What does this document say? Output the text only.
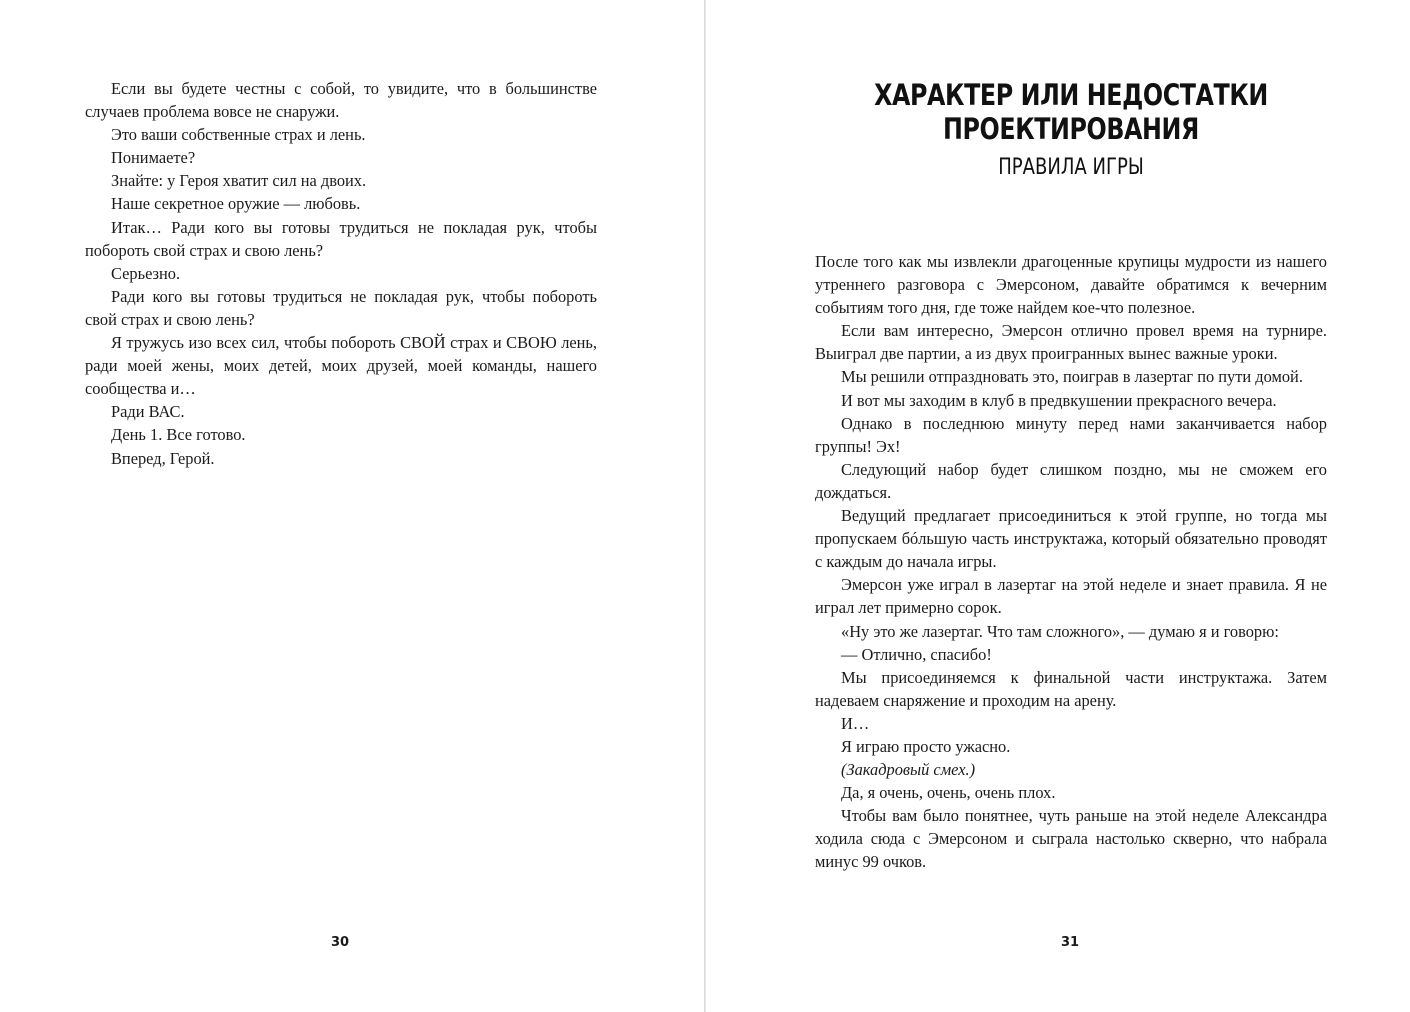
Если вы будете честны с собой, то увидите, что в большинстве случаев проблема вовсе не снаружи.

Это ваши собственные страх и лень.

Понимаете?

Знайте: у Героя хватит сил на двоих.

Наше секретное оружие — любовь.

Итак… Ради кого вы готовы трудиться не покладая рук, чтобы побороть свой страх и свою лень?

Серьезно.

Ради кого вы готовы трудиться не покладая рук, чтобы побороть свой страх и свою лень?

Я тружусь изо всех сил, чтобы побороть СВОЙ страх и СВОЮ лень, ради моей жены, моих детей, моих друзей, моей команды, нашего сообщества и…

Ради ВАС.

День 1. Все готово.

Вперед, Герой.

30
ХАРАКТЕР ИЛИ НЕДОСТАТКИ
ПРОЕКТИРОВАНИЯ
ПРАВИЛА ИГРЫ

После того как мы извлекли драгоценные крупицы мудрости из нашего утреннего разговора с Эмерсоном, давайте обратимся к вечерним событиям того дня, где тоже найдем кое-что полезное.

Если вам интересно, Эмерсон отлично провел время на турнире. Выиграл две партии, а из двух проигранных вынес важные уроки.

Мы решили отпраздновать это, поиграв в лазертаг по пути домой.

И вот мы заходим в клуб в предвкушении прекрасного вечера.

Однако в последнюю минуту перед нами заканчивается набор группы! Эх!

Следующий набор будет слишком поздно, мы не сможем его дождаться.

Ведущий предлагает присоединиться к этой группе, но тогда мы пропускаем бóльшую часть инструктажа, который обязательно проводят с каждым до начала игры.

Эмерсон уже играл в лазертаг на этой неделе и знает правила. Я не играл лет примерно сорок.

«Ну это же лазертаг. Что там сложного», — думаю я и говорю:

— Отлично, спасибо!

Мы присоединяемся к финальной части инструктажа. Затем надеваем снаряжение и проходим на арену.

И…

Я играю просто ужасно.

(Закадровый смех.)

Да, я очень, очень, очень плох.

Чтобы вам было понятнее, чуть раньше на этой неделе Александра ходила сюда с Эмерсоном и сыграла настолько скверно, что набрала минус 99 очков.

31
